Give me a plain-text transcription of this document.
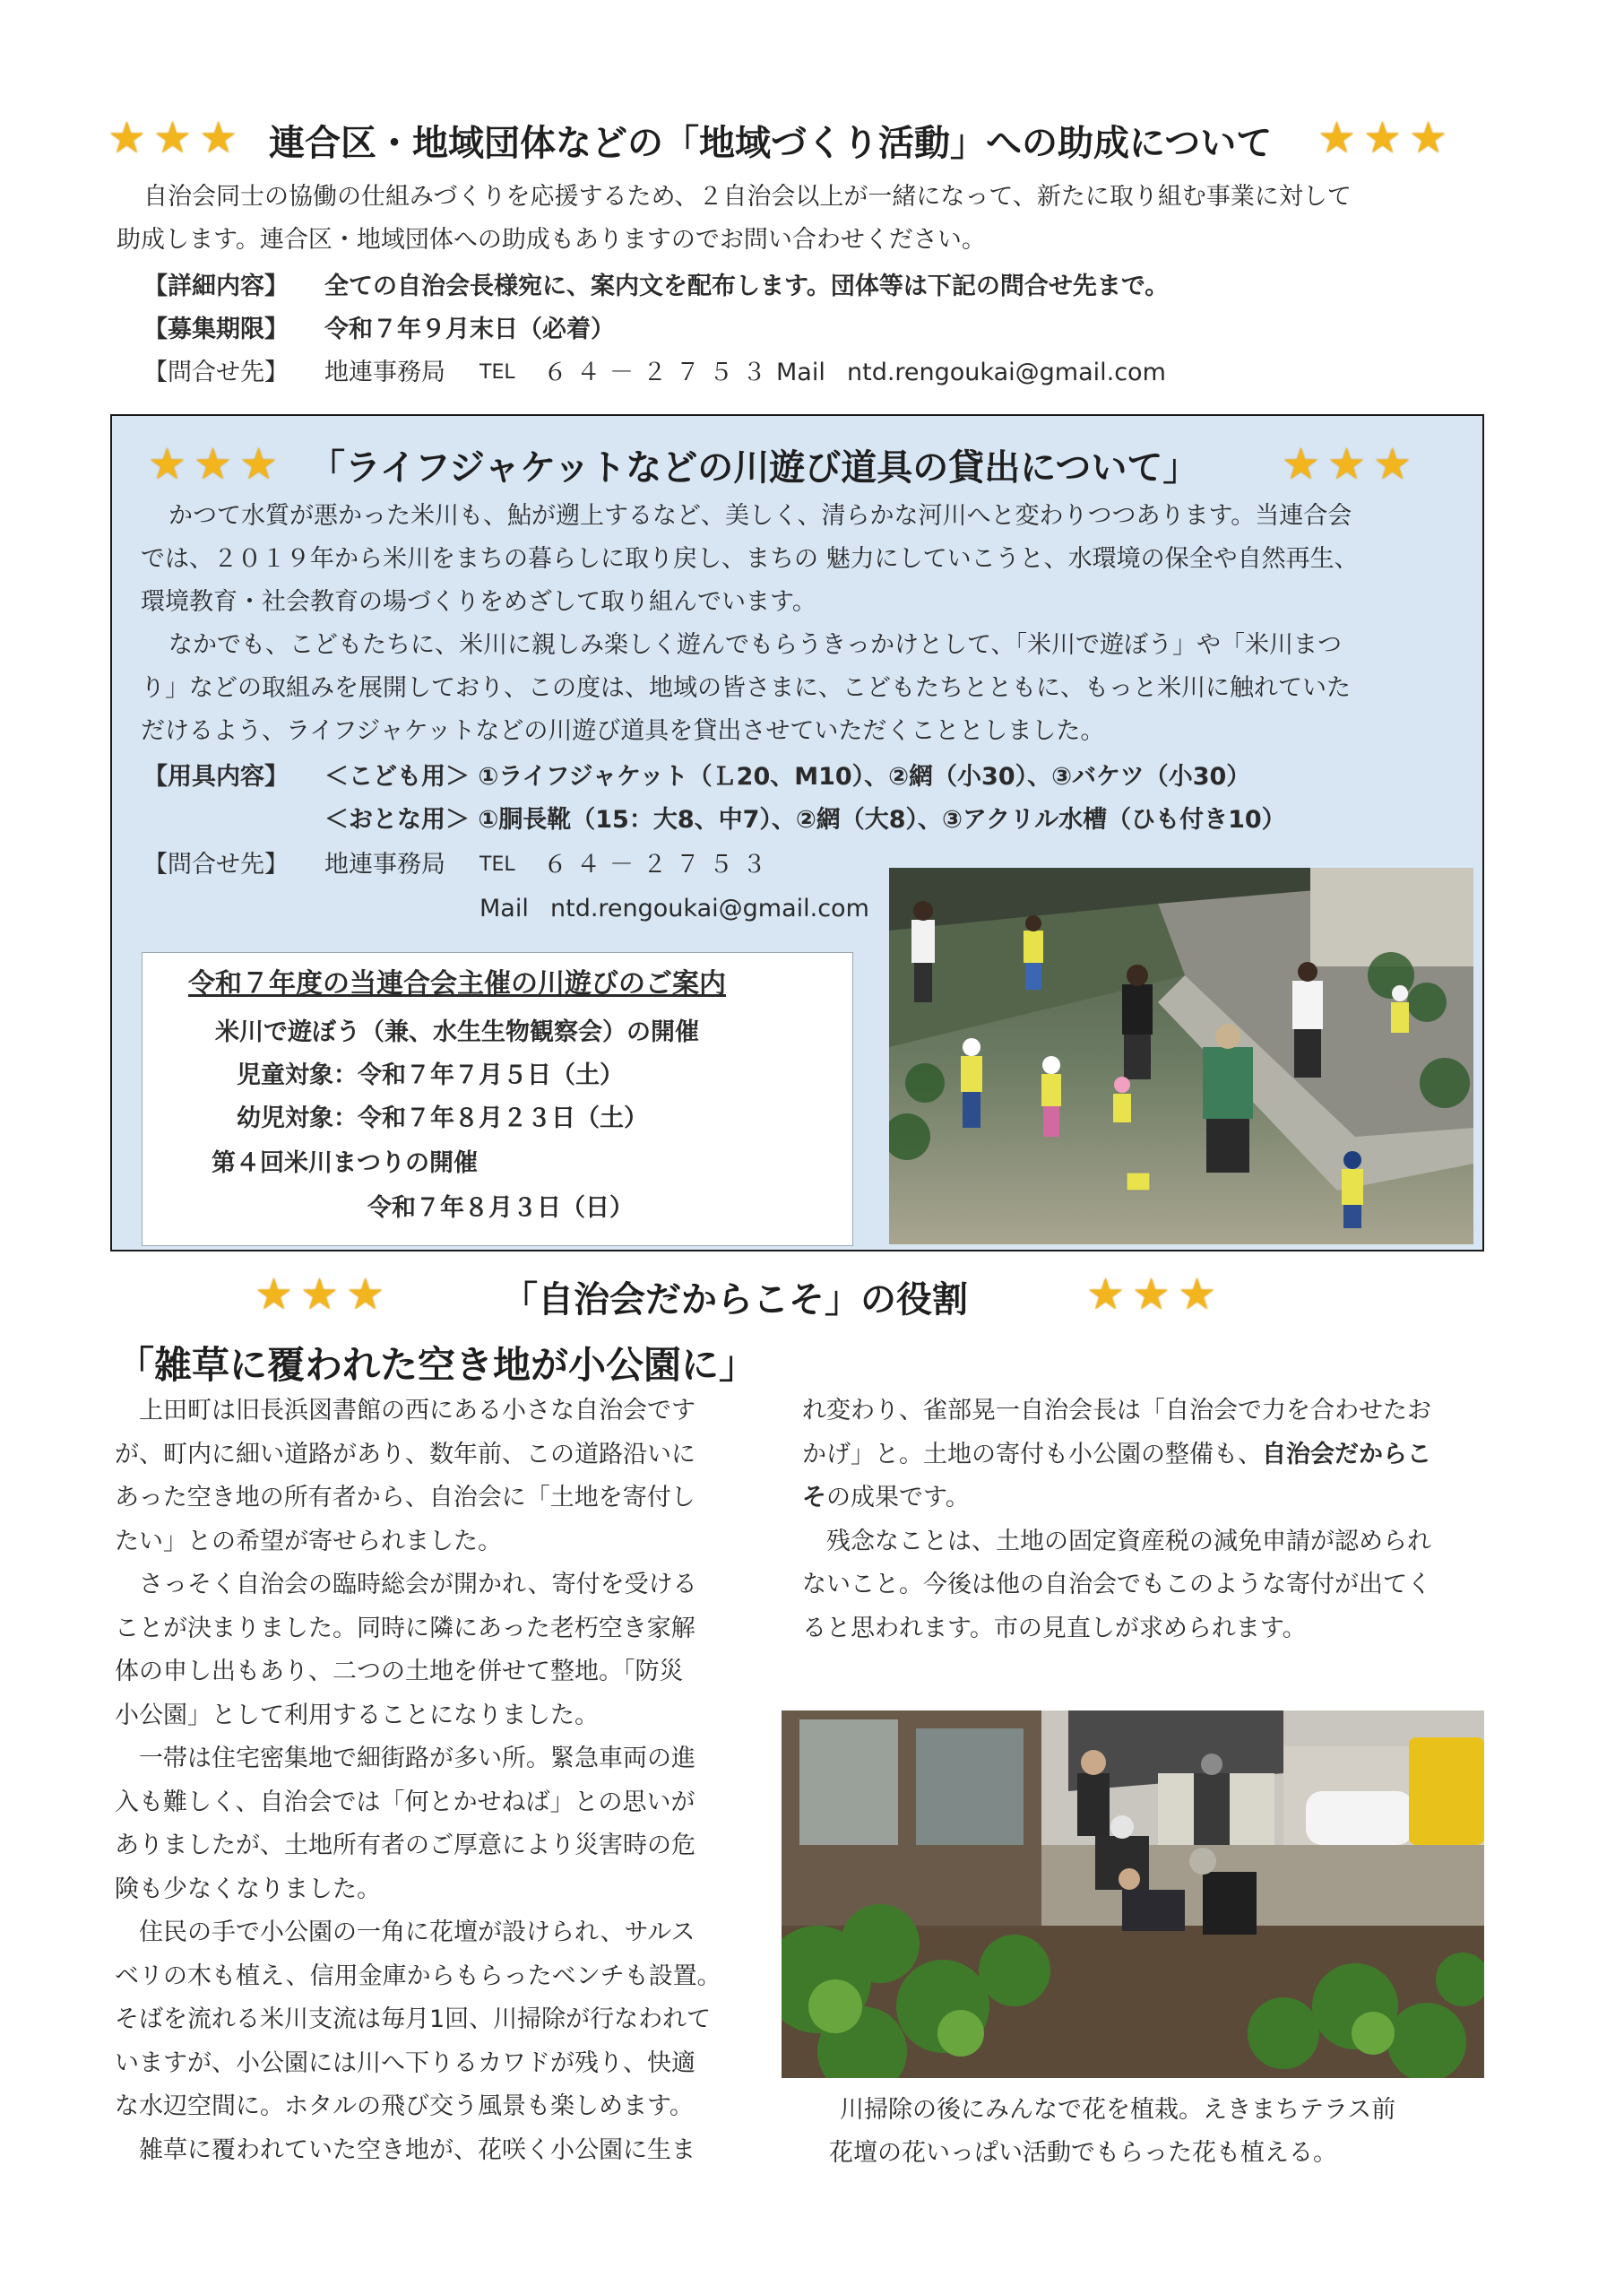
★ ★ ★ 連合区・地域団体などの「地域づくり活動」への助成について ★ ★ ★
自治会同士の協働の仕組みづくりを応援するため、２自治会以上が一緒になって、新たに取り組む事業に対して
助成します。連合区・地域団体への助成もありますのでお問い合わせください。
【詳細内容】 全ての自治会長様宛に、案内文を配布します。団体等は下記の問合せ先まで。
【募集期限】 令和７年９月末日（必着）
【問合せ先】 地連事務局 TEL ６４－２７５３ Mail ntd.rengoukai@gmail.com
★ ★ ★ 「ライフジャケットなどの川遊び道具の貸出について」 ★ ★ ★
かつて水質が悪かった米川も、鮎が遡上するなど、美しく、清らかな河川へと変わりつつあります。当連合会
では、２０１９年から米川をまちの暮らしに取り戻し、まちの 魅力にしていこうと、水環境の保全や自然再生、
環境教育・社会教育の場づくりをめざして取り組んでいます。
なかでも、こどもたちに、米川に親しみ楽しく遊んでもらうきっかけとして、「米川で遊ぼう」や「米川まつ
り」などの取組みを展開しており、この度は、地域の皆さまに、こどもたちとともに、もっと米川に触れていた
だけるよう、ライフジャケットなどの川遊び道具を貸出させていただくこととしました。
【用具内容】 ＜こども用＞ ①ライフジャケット（Ｌ20、M10）、②網（小30）、③バケツ（小30）
＜おとな用＞ ①胴長靴（15：大8、中7）、②網（大8）、③アクリル水槽（ひも付き10）
【問合せ先】 地連事務局 TEL ６４－２７５３
Mail ntd.rengoukai@gmail.com
令和７年度の当連合会主催の川遊びのご案内
米川で遊ぼう（兼、水生生物観察会）の開催
児童対象：令和７年７月５日（土）
幼児対象：令和７年８月２３日（土）
第４回米川まつりの開催
令和７年８月３日（日）
★ ★ ★	「自治会だからこそ」の役割	★ ★ ★
「雑草に覆われた空き地が小公園に」
　上田町は旧長浜図書館の西にある小さな自治会です
が、町内に細い道路があり、数年前、この道路沿いに
あった空き地の所有者から、自治会に「土地を寄付し
たい」との希望が寄せられました。
　さっそく自治会の臨時総会が開かれ、寄付を受ける
ことが決まりました。同時に隣にあった老朽空き家解
体の申し出もあり、二つの土地を併せて整地。「防災
小公園」として利用することになりました。
　一帯は住宅密集地で細街路が多い所。緊急車両の進
入も難しく、自治会では「何とかせねば」との思いが
ありましたが、土地所有者のご厚意により災害時の危
険も少なくなりました。
　住民の手で小公園の一角に花壇が設けられ、サルス
ベリの木も植え、信用金庫からもらったベンチも設置。
そばを流れる米川支流は毎月1回、川掃除が行なわれて
いますが、小公園には川へ下りるカワドが残り、快適
な水辺空間に。ホタルの飛び交う風景も楽しめます。
　雑草に覆われていた空き地が、花咲く小公園に生ま
れ変わり、雀部晃一自治会長は「自治会で力を合わせたお
かげ」と。土地の寄付も小公園の整備も、自治会だからこ
その成果です。
　残念なことは、土地の固定資産税の減免申請が認められ
ないこと。今後は他の自治会でもこのような寄付が出てく
ると思われます。市の見直しが求められます。
　川掃除の後にみんなで花を植栽。えきまちテラス前
花壇の花いっぱい活動でもらった花も植える。
